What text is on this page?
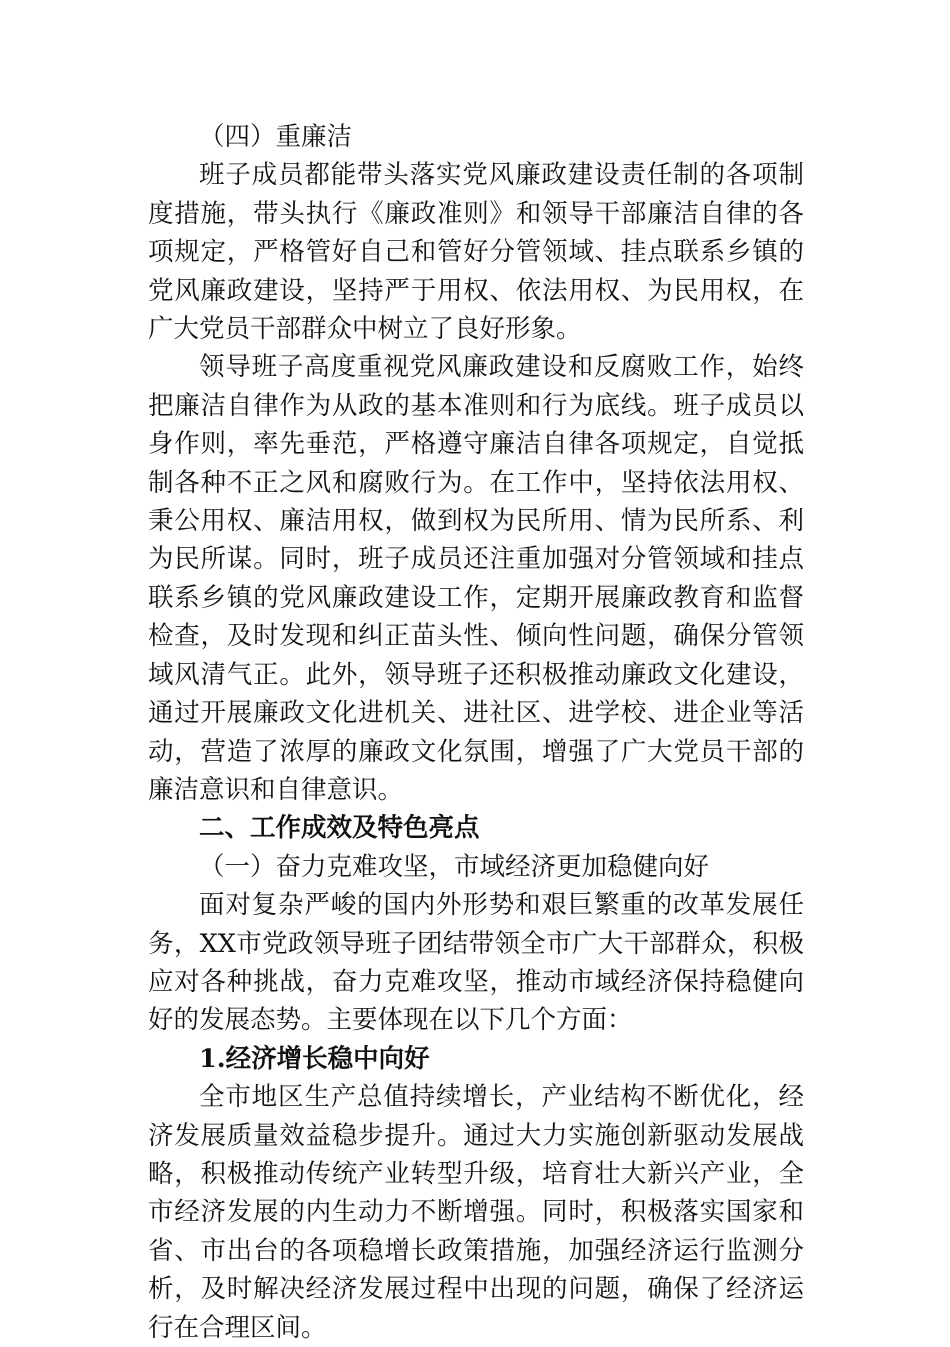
（四）重廉洁

班子成员都能带头落实党风廉政建设责任制的各项制度措施，带头执行《廉政准则》和领导干部廉洁自律的各项规定，严格管好自己和管好分管领域、挂点联系乡镇的党风廉政建设，坚持严于用权、依法用权、为民用权，在广大党员干部群众中树立了良好形象。

领导班子高度重视党风廉政建设和反腐败工作，始终把廉洁自律作为从政的基本准则和行为底线。班子成员以身作则，率先垂范，严格遵守廉洁自律各项规定，自觉抵制各种不正之风和腐败行为。在工作中，坚持依法用权、秉公用权、廉洁用权，做到权为民所用、情为民所系、利为民所谋。同时，班子成员还注重加强对分管领域和挂点联系乡镇的党风廉政建设工作，定期开展廉政教育和监督检查，及时发现和纠正苗头性、倾向性问题，确保分管领域风清气正。此外，领导班子还积极推动廉政文化建设，通过开展廉政文化进机关、进社区、进学校、进企业等活动，营造了浓厚的廉政文化氛围，增强了广大党员干部的廉洁意识和自律意识。

二、工作成效及特色亮点

（一）奋力克难攻坚，市域经济更加稳健向好

面对复杂严峻的国内外形势和艰巨繁重的改革发展任务，XX市党政领导班子团结带领全市广大干部群众，积极应对各种挑战，奋力克难攻坚，推动市域经济保持稳健向好的发展态势。主要体现在以下几个方面：

1.经济增长稳中向好

全市地区生产总值持续增长，产业结构不断优化，经济发展质量效益稳步提升。通过大力实施创新驱动发展战略，积极推动传统产业转型升级，培育壮大新兴产业，全市经济发展的内生动力不断增强。同时，积极落实国家和省、市出台的各项稳增长政策措施，加强经济运行监测分析，及时解决经济发展过程中出现的问题，确保了经济运行在合理区间。
